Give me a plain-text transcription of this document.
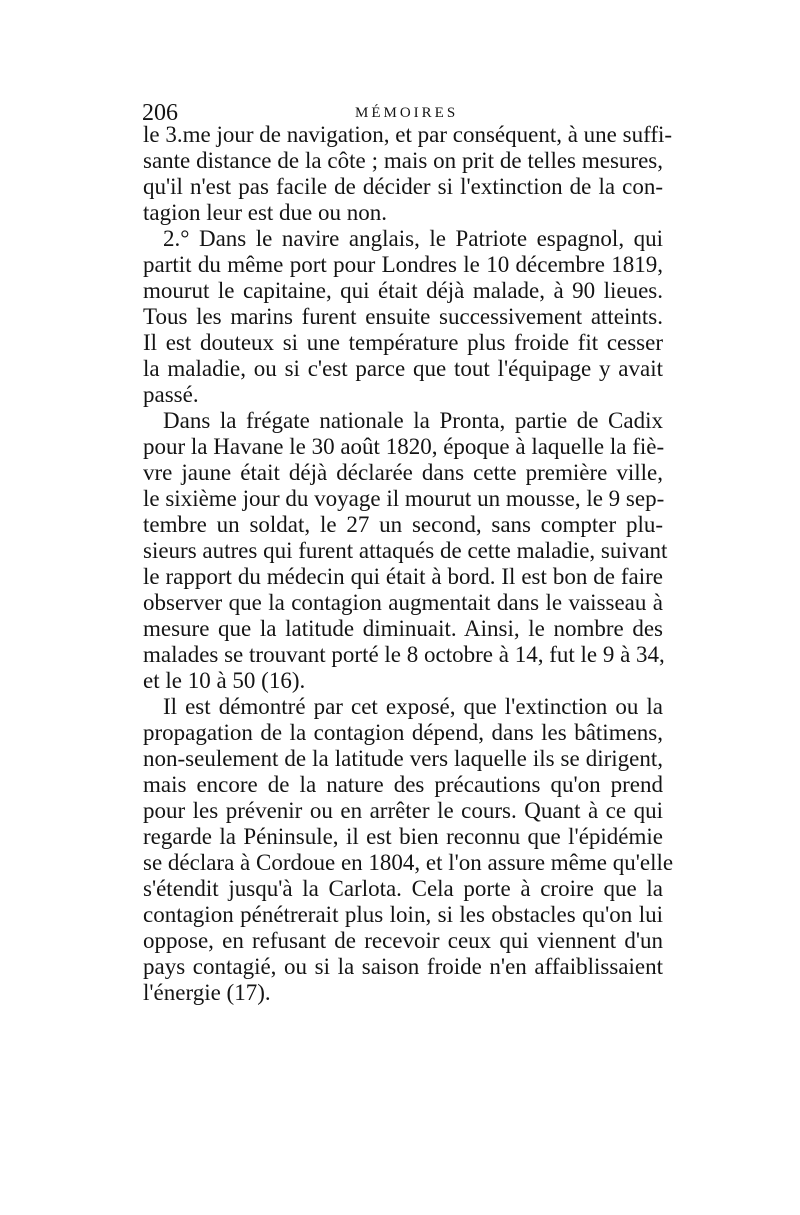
206	MÉMOIRES
le 3.me jour de navigation, et par conséquent, à une suffi-
sante distance de la côte ; mais on prit de telles mesures,
qu'il n'est pas facile de décider si l'extinction de la con-
tagion leur est due ou non.
2.° Dans le navire anglais, le Patriote espagnol, qui
partit du même port pour Londres le 10 décembre 1819,
mourut le capitaine, qui était déjà malade, à 90 lieues.
Tous les marins furent ensuite successivement atteints.
Il est douteux si une température plus froide fit cesser
la maladie, ou si c'est parce que tout l'équipage y avait
passé.
Dans la frégate nationale la Pronta, partie de Cadix
pour la Havane le 30 août 1820, époque à laquelle la fiè-
vre jaune était déjà déclarée dans cette première ville,
le sixième jour du voyage il mourut un mousse, le 9 sep-
tembre un soldat, le 27 un second, sans compter plu-
sieurs autres qui furent attaqués de cette maladie, suivant
le rapport du médecin qui était à bord. Il est bon de faire
observer que la contagion augmentait dans le vaisseau à
mesure que la latitude diminuait. Ainsi, le nombre des
malades se trouvant porté le 8 octobre à 14, fut le 9 à 34,
et le 10 à 50 (16).
Il est démontré par cet exposé, que l'extinction ou la
propagation de la contagion dépend, dans les bâtimens,
non-seulement de la latitude vers laquelle ils se dirigent,
mais encore de la nature des précautions qu'on prend
pour les prévenir ou en arrêter le cours. Quant à ce qui
regarde la Péninsule, il est bien reconnu que l'épidémie
se déclara à Cordoue en 1804, et l'on assure même qu'elle
s'étendit jusqu'à la Carlota. Cela porte à croire que la
contagion pénétrerait plus loin, si les obstacles qu'on lui
oppose, en refusant de recevoir ceux qui viennent d'un
pays contagié, ou si la saison froide n'en affaiblissaient
l'énergie (17).
